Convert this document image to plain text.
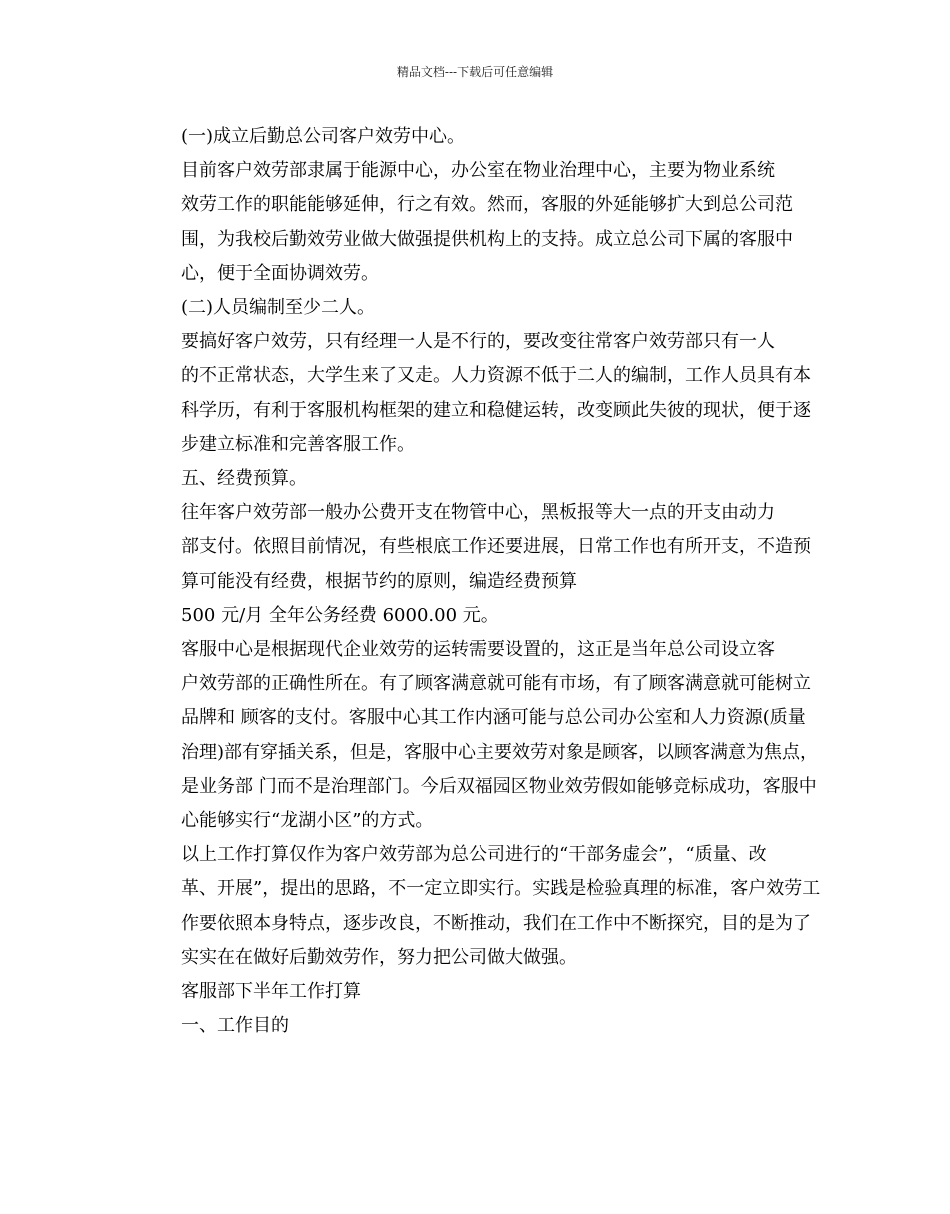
精品文档---下载后可任意编辑

(一)成立后勤总公司客户效劳中心。

目前客户效劳部隶属于能源中心，办公室在物业治理中心，主要为物业系统
效劳工作的职能能够延伸，行之有效。然而，客服的外延能够扩大到总公司范
围，为我校后勤效劳业做大做强提供机构上的支持。成立总公司下属的客服中
心，便于全面协调效劳。

(二)人员编制至少二人。

要搞好客户效劳，只有经理一人是不行的，要改变往常客户效劳部只有一人
的不正常状态，大学生来了又走。人力资源不低于二人的编制，工作人员具有本
科学历，有利于客服机构框架的建立和稳健运转，改变顾此失彼的现状，便于逐
步建立标准和完善客服工作。

五、经费预算。

往年客户效劳部一般办公费开支在物管中心，黑板报等大一点的开支由动力
部支付。依照目前情况，有些根底工作还要进展，日常工作也有所开支，不造预
算可能没有经费，根据节约的原则，编造经费预算

500 元/月 全年公务经费 6000.00 元。

客服中心是根据现代企业效劳的运转需要设置的，这正是当年总公司设立客
户效劳部的正确性所在。有了顾客满意就可能有市场，有了顾客满意就可能树立
品牌和 顾客的支付。客服中心其工作内涵可能与总公司办公室和人力资源(质量
治理)部有穿插关系，但是，客服中心主要效劳对象是顾客，以顾客满意为焦点，
是业务部 门而不是治理部门。今后双福园区物业效劳假如能够竞标成功，客服中
心能够实行“龙湖小区”的方式。

以上工作打算仅作为客户效劳部为总公司进行的“干部务虚会”，“质量、改
革、开展”，提出的思路，不一定立即实行。实践是检验真理的标准，客户效劳工
作要依照本身特点，逐步改良，不断推动，我们在工作中不断探究，目的是为了
实实在在做好后勤效劳作，努力把公司做大做强。

客服部下半年工作打算

一、工作目的
